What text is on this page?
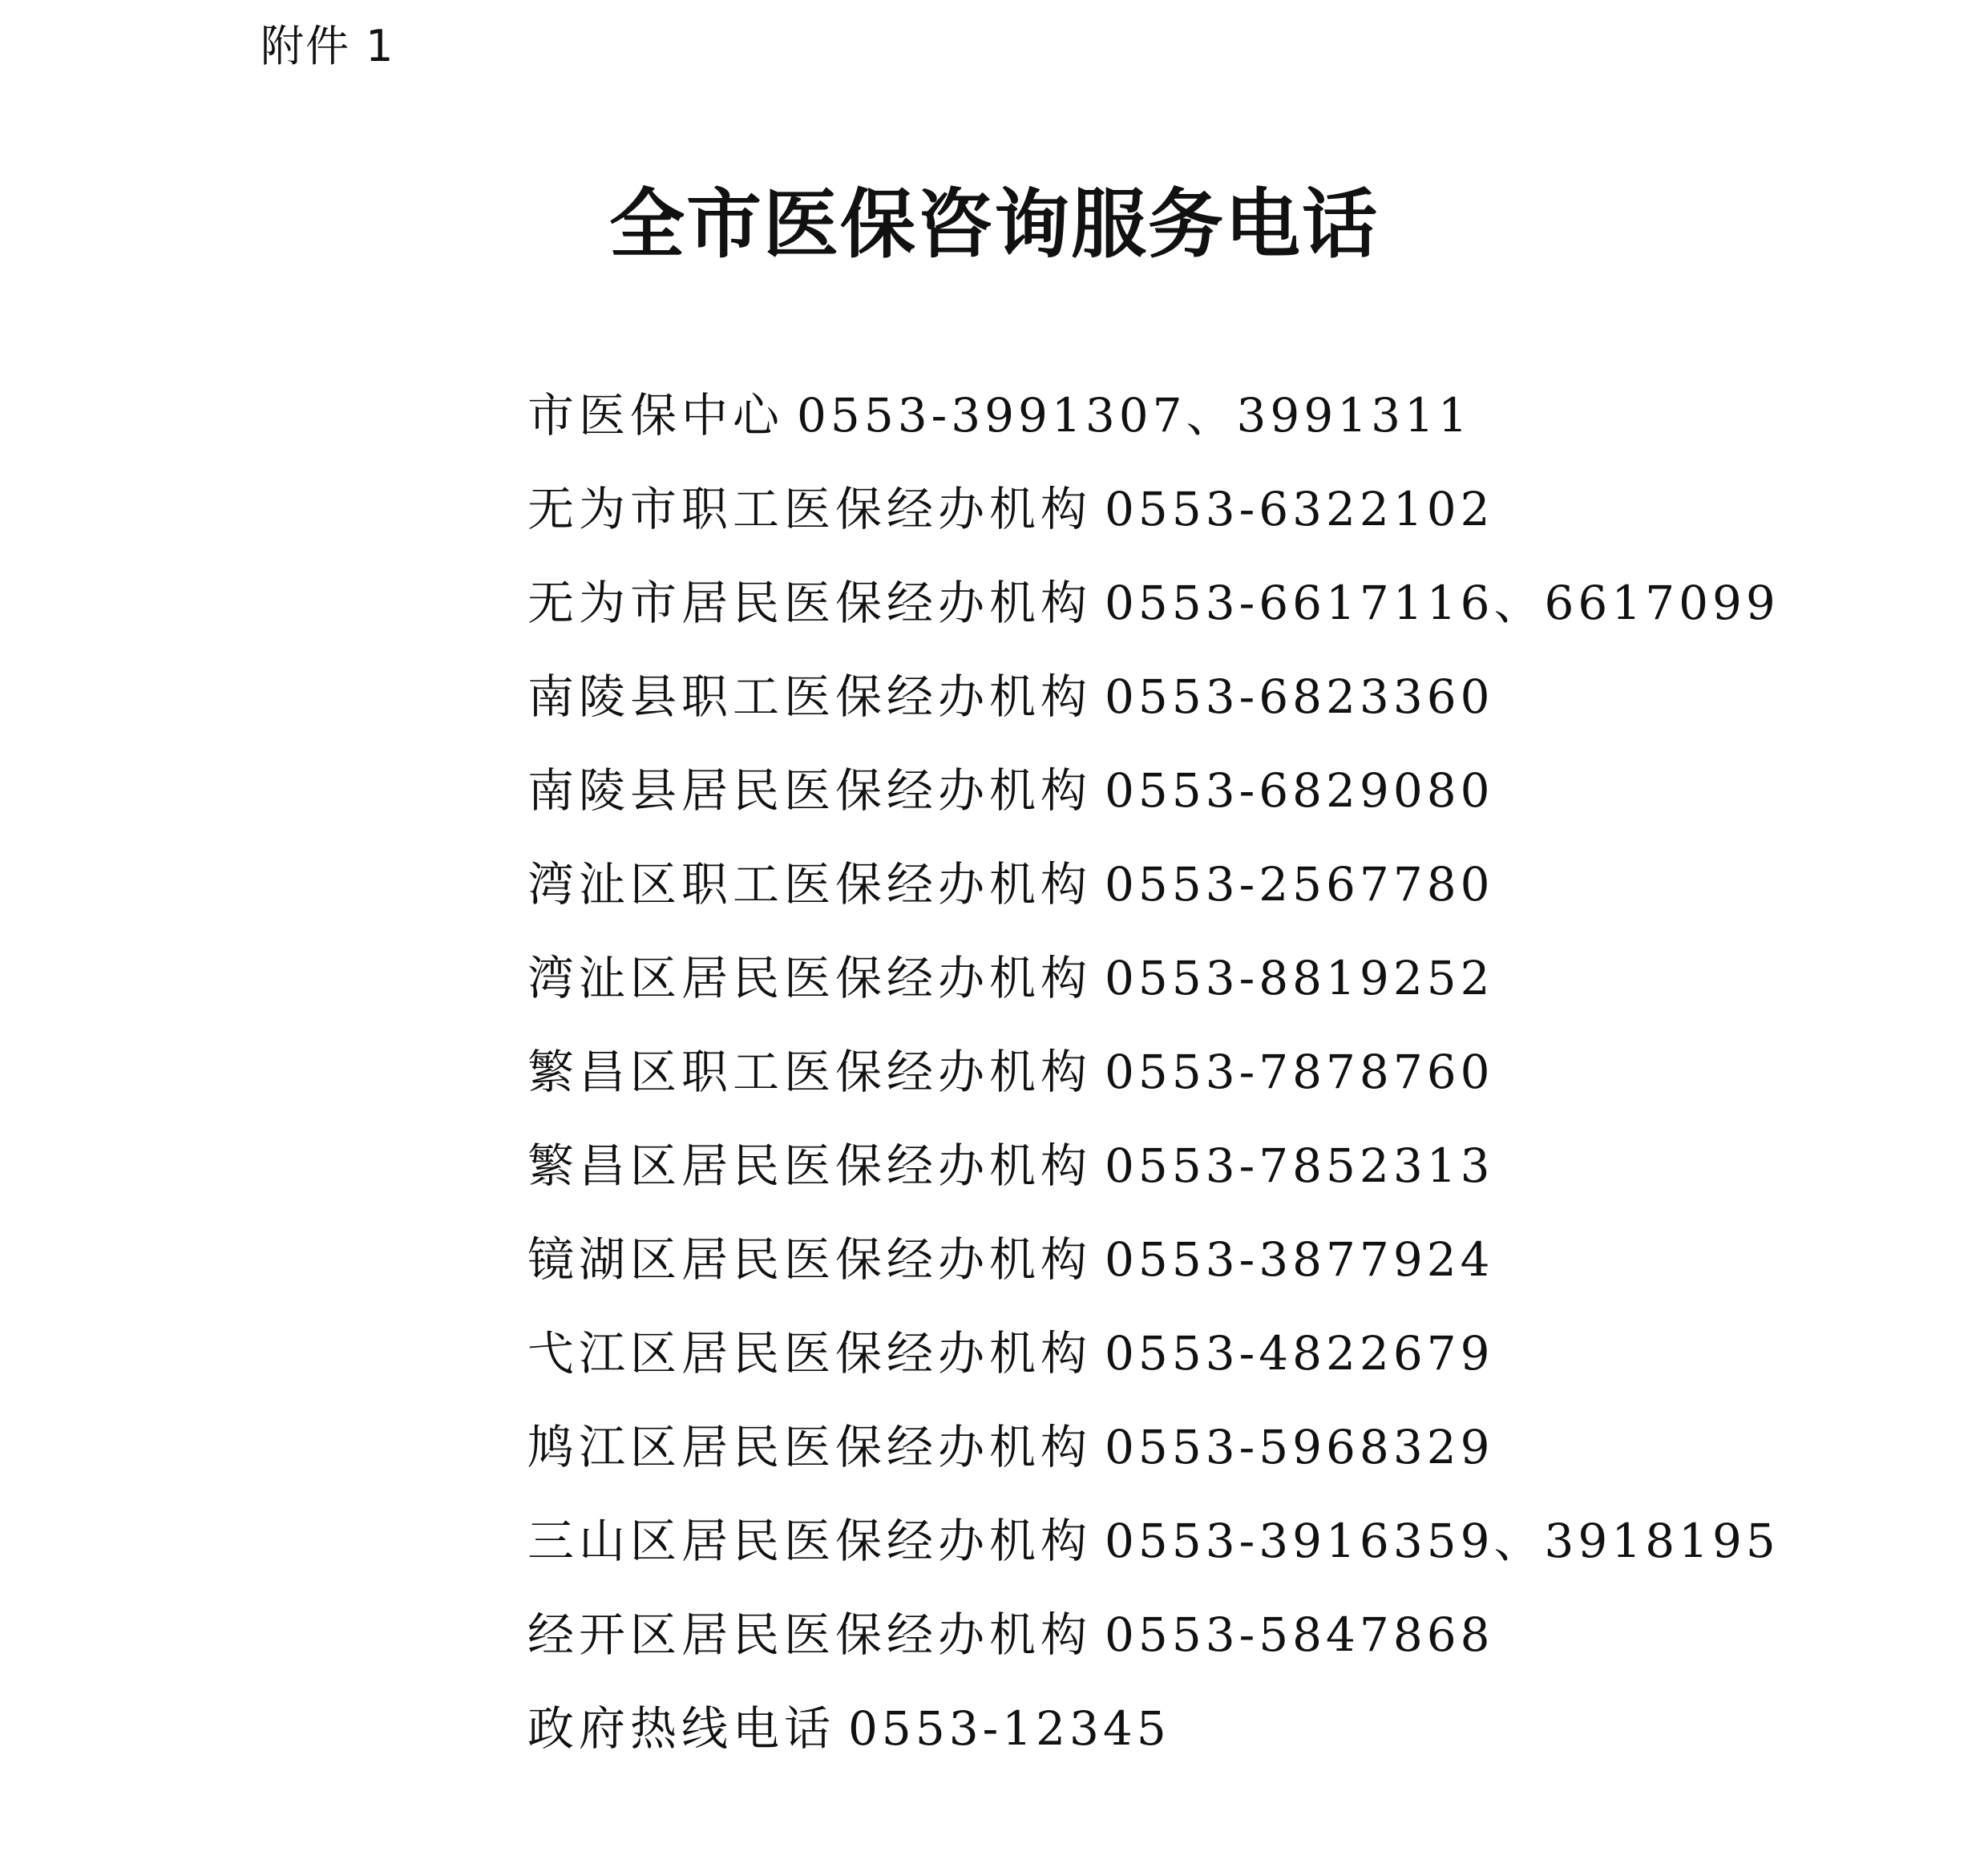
附件 1
全市医保咨询服务电话
市医保中心 0553-3991307、3991311
无为市职工医保经办机构 0553-6322102
无为市居民医保经办机构 0553-6617116、6617099
南陵县职工医保经办机构 0553-6823360
南陵县居民医保经办机构 0553-6829080
湾沚区职工医保经办机构 0553-2567780
湾沚区居民医保经办机构 0553-8819252
繁昌区职工医保经办机构 0553-7878760
繁昌区居民医保经办机构 0553-7852313
镜湖区居民医保经办机构 0553-3877924
弋江区居民医保经办机构 0553-4822679
鸠江区居民医保经办机构 0553-5968329
三山区居民医保经办机构 0553-3916359、3918195
经开区居民医保经办机构 0553-5847868
政府热线电话 0553-12345
